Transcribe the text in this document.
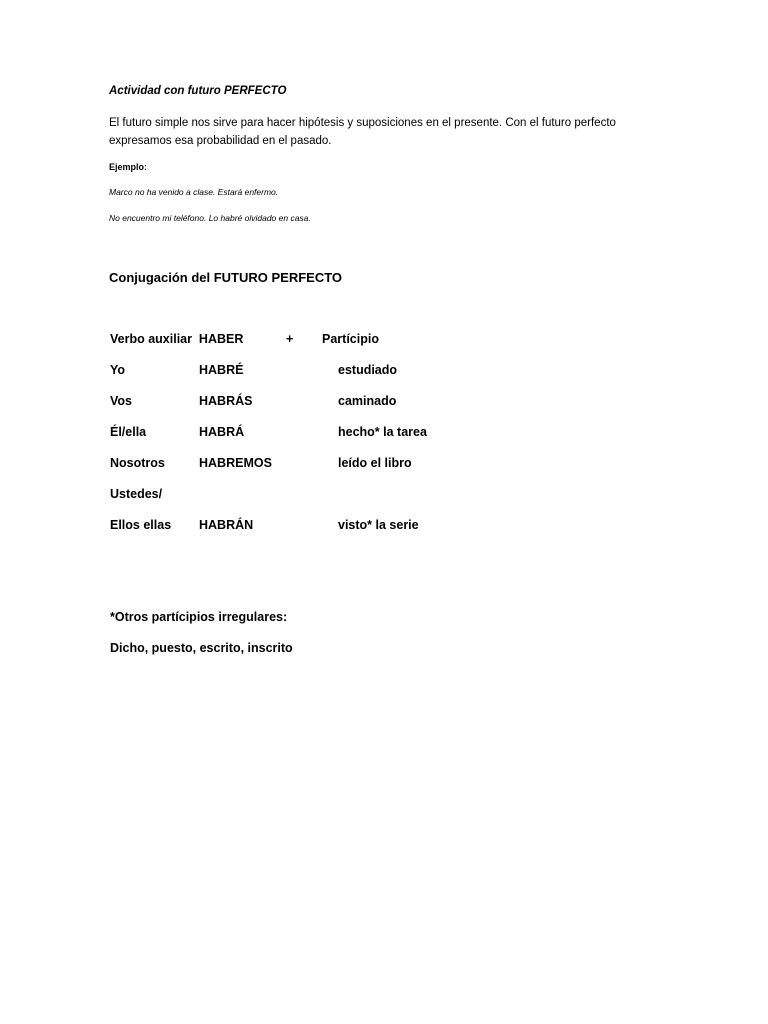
Actividad con futuro PERFECTO
El futuro simple nos sirve para hacer hipótesis y suposiciones en el presente. Con el futuro perfecto expresamos esa probabilidad en el pasado.
Ejemplo:
Marco no ha venido a clase. Estará enfermo.
No encuentro mi teléfono. Lo habré olvidado en casa.
Conjugación del FUTURO PERFECTO
Verbo auxiliar  HABER	+ Partícipio
Yo	HABRÉ	estudiado
Vos	HABRÁS	caminado
Él/ella	HABRÁ	hecho* la tarea
Nosotros	HABREMOS	leído el libro
Ustedes/
Ellos ellas HABRÁN	visto* la serie
*Otros partícipios irregulares:
Dicho, puesto, escrito, inscrito
